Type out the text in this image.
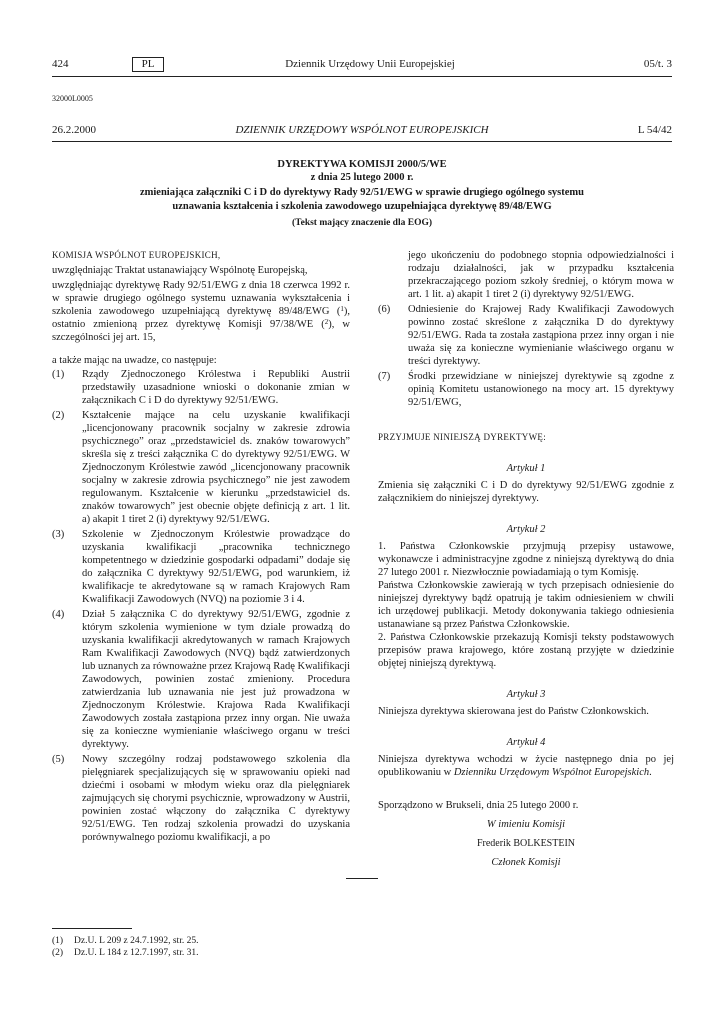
424	PL	Dziennik Urzędowy Unii Europejskiej	05/t. 3
32000L0005
26.2.2000	DZIENNIK URZĘDOWY WSPÓLNOT EUROPEJSKICH	L 54/42
DYREKTYWA KOMISJI 2000/5/WE
z dnia 25 lutego 2000 r.
zmieniająca załączniki C i D do dyrektywy Rady 92/51/EWG w sprawie drugiego ogólnego systemu
uznawania kształcenia i szkolenia zawodowego uzupełniająca dyrektywę 89/48/EWG
(Tekst mający znaczenie dla EOG)

KOMISJA WSPÓLNOT EUROPEJSKICH,

uwzględniając Traktat ustanawiający Wspólnotę Europejską,

uwzględniając dyrektywę Rady 92/51/EWG z dnia 18 czerwca 1992 r. w sprawie drugiego ogólnego systemu uznawania wykształcenia i szkolenia zawodowego uzupełniającą dyrektywę 89/48/EWG ($^1$), ostatnio zmienioną przez dyrektywę Komisji 97/38/WE ($^2$), w szczególności jej art. 15,

a także mając na uwadze, co następuje:

(1) Rządy Zjednoczonego Królestwa i Republiki Austrii przedstawiły uzasadnione wnioski o dokonanie zmian w załącznikach C i D do dyrektywy 92/51/EWG.

(2) Kształcenie mające na celu uzyskanie kwalifikacji „licencjonowany pracownik socjalny w zakresie zdrowia psychicznego” oraz „przedstawiciel ds. znaków towarowych” skreśla się z treści załącznika C do dyrektywy 92/51/EWG. W Zjednoczonym Królestwie zawód „licencjonowany pracownik socjalny w zakresie zdrowia psychicznego” nie jest zawodem regulowanym. Kształcenie w kierunku „przedstawiciel ds. znaków towarowych” jest obecnie objęte definicją z art. 1 lit. a) akapit 1 tiret 2 (i) dyrektywy 92/51/EWG.

(3) Szkolenie w Zjednoczonym Królestwie prowadzące do uzyskania kwalifikacji „pracownika technicznego kompetentnego w dziedzinie gospodarki odpadami” dodaje się do załącznika C dyrektywy 92/51/EWG, pod warunkiem, iż kwalifikacje te akredytowane są w ramach Krajowych Ram Kwalifikacji Zawodowych (NVQ) na poziomie 3 i 4.

(4) Dział 5 załącznika C do dyrektywy 92/51/EWG, zgodnie z którym szkolenia wymienione w tym dziale prowadzą do uzyskania kwalifikacji akredytowanych w ramach Krajowych Ram Kwalifikacji Zawodowych (NVQ) bądź zatwierdzonych lub uznanych za równoważne przez Krajową Radę Kwalifikacji Zawodowych, powinien zostać zmieniony. Procedura zatwierdzania lub uznawania nie jest już prowadzona w Zjednoczonym Królestwie. Krajowa Rada Kwalifikacji Zawodowych została zastąpiona przez inny organ. Nie uważa się za konieczne wymienianie właściwego organu w treści dyrektywy.

(5) Nowy szczególny rodzaj podstawowego szkolenia dla pielęgniarek specjalizujących się w sprawowaniu opieki nad dziećmi i osobami w młodym wieku oraz dla pielęgniarek zajmujących się chorymi psychicznie, wprowadzony w Austrii, powinien zostać włączony do załącznika C dyrektywy 92/51/EWG. Ten rodzaj szkolenia prowadzi do uzyskania porównywalnego poziomu kwalifikacji, a po

jego ukończeniu do podobnego stopnia odpowiedzialności i rodzaju działalności, jak w przypadku kształcenia przekraczającego poziom szkoły średniej, o którym mowa w art. 1 lit. a) akapit 1 tiret 2 (i) dyrektywy 92/51/EWG.

(6) Odniesienie do Krajowej Rady Kwalifikacji Zawodowych powinno zostać skreślone z załącznika D do dyrektywy 92/51/EWG. Rada ta została zastąpiona przez inny organ i nie uważa się za konieczne wymienianie właściwego organu w treści dyrektywy.

(7) Środki przewidziane w niniejszej dyrektywie są zgodne z opinią Komitetu ustanowionego na mocy art. 15 dyrektywy 92/51/EWG,

PRZYJMUJE NINIEJSZĄ DYREKTYWĘ:

Artykuł 1

Zmienia się załączniki C i D do dyrektywy 92/51/EWG zgodnie z załącznikiem do niniejszej dyrektywy.

Artykuł 2

1. Państwa Członkowskie przyjmują przepisy ustawowe, wykonawcze i administracyjne zgodne z niniejszą dyrektywą do dnia 27 lutego 2001 r. Niezwłocznie powiadamiają o tym Komisję.

Państwa Członkowskie zawierają w tych przepisach odniesienie do niniejszej dyrektywy bądź opatrują je takim odniesieniem w chwili ich urzędowej publikacji. Metody dokonywania takiego odniesienia ustanawiane są przez Państwa Członkowskie.

2. Państwa Członkowskie przekazują Komisji teksty podstawowych przepisów prawa krajowego, które zostaną przyjęte w dziedzinie objętej niniejszą dyrektywą.

Artykuł 3

Niniejsza dyrektywa skierowana jest do Państw Członkowskich.

Artykuł 4

Niniejsza dyrektywa wchodzi w życie następnego dnia po jej opublikowaniu w Dzienniku Urzędowym Wspólnot Europejskich.

Sporządzono w Brukseli, dnia 25 lutego 2000 r.

W imieniu Komisji

Frederik BOLKESTEIN

Członek Komisji

(1) Dz.U. L 209 z 24.7.1992, str. 25.
(2) Dz.U. L 184 z 12.7.1997, str. 31.
